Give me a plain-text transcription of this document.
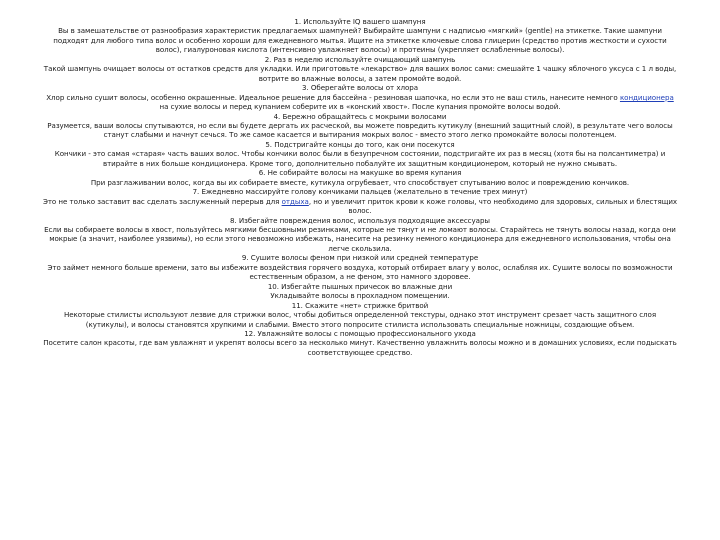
1. Используйте IQ вашего шампуня

Вы в замешательстве от разнообразия характеристик предлагаемых шампуней? Выбирайте шампуни с надписью «мягкий» (gentle) на этикетке. Такие шампуни подходят для любого типа волос и особенно хороши для ежедневного мытья. Ищите на этикетке ключевые слова глицерин (средство против жесткости и сухости волос), гиалуроновая кислота (интенсивно увлажняет волосы) и протеины (укрепляет ослабленные волосы).

2. Раз в неделю используйте очищающий шампунь

Такой шампунь очищает волосы от остатков средств для укладки. Или приготовьте «лекарство» для ваших волос сами: смешайте 1 чашку яблочного уксуса с 1 л воды, вотрите во влажные волосы, а затем промойте водой.

3. Оберегайте волосы от хлора

Хлор сильно сушит волосы, особенно окрашенные. Идеальное решение для бассейна - резиновая шапочка, но если это не ваш стиль, нанесите немного кондиционера на сухие волосы и перед купанием соберите их в «конский хвост». После купания промойте волосы водой.

4. Бережно обращайтесь с мокрыми волосами

Разумеется, ваши волосы спутываются, но если вы будете дергать их расческой, вы можете повредить кутикулу (внешний защитный слой), в результате чего волосы станут слабыми и начнут сечься. То же самое касается и вытирания мокрых волос - вместо этого легко промокайте волосы полотенцем.

5. Подстригайте концы до того, как они посекутся

Кончики - это самая «старая» часть ваших волос. Чтобы кончики волос были в безупречном состоянии, подстригайте их раз в месяц (хотя бы на полсантиметра) и втирайте в них больше кондиционера. Кроме того, дополнительно побалуйте их защитным кондиционером, который не нужно смывать.

6. Не собирайте волосы на макушке во время купания

При разглаживании волос, когда вы их собираете вместе, кутикула огрубевает, что способствует спутыванию волос и повреждению кончиков.

7. Ежедневно массируйте голову кончиками пальцев (желательно в течение трех минут)

Это не только заставит вас сделать заслуженный перерыв для отдыха, но и увеличит приток крови к коже головы, что необходимо для здоровых, сильных и блестящих волос.

8. Избегайте повреждения волос, используя подходящие аксессуары

Если вы собираете волосы в хвост, пользуйтесь мягкими бесшовными резинками, которые не тянут и не ломают волосы. Старайтесь не тянуть волосы назад, когда они мокрые (а значит, наиболее уязвимы), но если этого невозможно избежать, нанесите на резинку немного кондиционера для ежедневного использования, чтобы она легче скользила.

9. Сушите волосы феном при низкой или средней температуре

Это займет немного больше времени, зато вы избежите воздействия горячего воздуха, который отбирает влагу у волос, ослабляя их. Сушите волосы по возможности естественным образом, а не феном, это намного здоровее.

10. Избегайте пышных причесок во влажные дни

Укладывайте волосы в прохладном помещении.

11. Скажите «нет» стрижке бритвой

Некоторые стилисты используют лезвие для стрижки волос, чтобы добиться определенной текстуры, однако этот инструмент срезает часть защитного слоя (кутикулы), и волосы становятся хрупкими и слабыми. Вместо этого попросите стилиста использовать специальные ножницы, создающие объем.

12. Увлажняйте волосы с помощью профессионального ухода

Посетите салон красоты, где вам увлажнят и укрепят волосы всего за несколько минут. Качественно увлажнить волосы можно и в домашних условиях, если подыскать соответствующее средство.
